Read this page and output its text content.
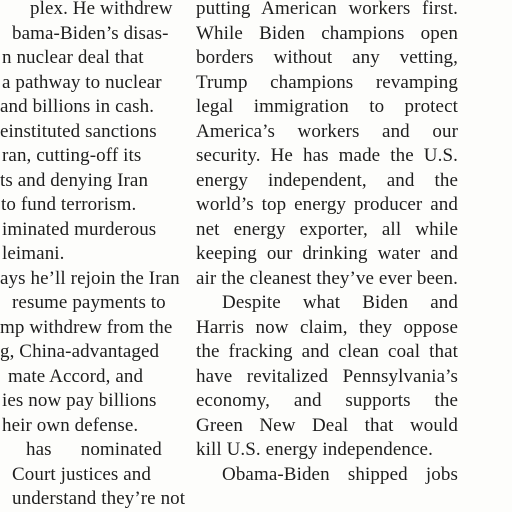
plex. He withdrew
bama-Biden’s disas-
n nuclear deal that
a pathway to nuclear
and billions in cash.
einstituted sanctions
ran, cutting-off its
ts and denying Iran
to fund terrorism.
iminated murderous
leimani.
ays he’ll rejoin the Iran
resume payments to
mp withdrew from the
g, China-advantaged
mate Accord, and
ies now pay billions
heir own defense.
has      nominated
Court justices and
understand they’re not
putting American workers first.
While Biden champions open
borders without any vetting,
Trump champions revamping
legal immigration to protect
America’s workers and our
security. He has made the U.S.
energy independent, and the
world’s top energy producer and
net energy exporter, all while
keeping our drinking water and
air the cleanest they’ve ever been.
Despite what Biden and
Harris now claim, they oppose
the fracking and clean coal that
have revitalized Pennsylvania’s
economy, and supports the
Green New Deal that would
kill U.S. energy independence.
Obama-Biden shipped jobs
